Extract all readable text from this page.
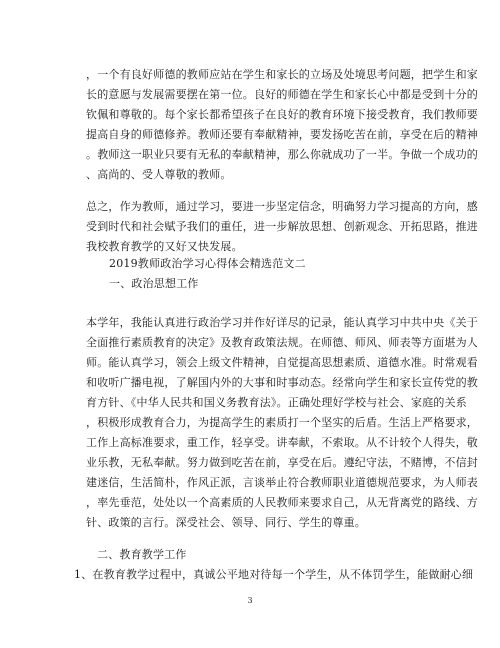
，一个有良好师德的教师应站在学生和家长的立场及处境思考问题，把学生和家
长的意愿与发展需要摆在第一位。良好的师德在学生和家长心中都是受到十分的
钦佩和尊敬的。每个家长都希望孩子在良好的教育环境下接受教育，我们教师要
提高自身的师德修养。教师还要有奉献精神，要发扬吃苦在前，享受在后的精神
。教师这一职业只要有无私的奉献精神，那么你就成功了一半。争做一个成功的
、高尚的、受人尊敬的教师。
总之，作为教师，通过学习，要进一步坚定信念，明确努力学习提高的方向，感
受到时代和社会赋予我们的重任，进一步解放思想、创新观念、开拓思路，推进
我校教育教学的又好又快发展。
2019教师政治学习心得体会精选范文二
一、政治思想工作
本学年，我能认真进行政治学习并作好详尽的记录，能认真学习中共中央《关于
全面推行素质教育的决定》及教育政策法规。在师德、师风、师表等方面堪为人
师。能认真学习，领会上级文件精神，自觉提高思想素质、道德水准。时常观看
和收听广播电视，了解国内外的大事和时事动态。经常向学生和家长宣传党的教
育方针、《中华人民共和国义务教育法》。正确处理好学校与社会、家庭的关系
，积极形成教育合力，为提高学生的素质打一个坚实的后盾。生活上严格要求，
工作上高标准要求，重工作，轻享受。讲奉献，不索取。从不计较个人得失，敬
业乐教，无私奉献。努力做到吃苦在前，享受在后。遵纪守法，不赌博，不信封
建迷信，生活简朴，作风正派，言谈举止符合教师职业道德规范要求，为人师表
，率先垂范，处处以一个高素质的人民教师来要求自己，从无背离党的路线、方
针、政策的言行。深受社会、领导、同行、学生的尊重。
二、教育教学工作
1、在教育教学过程中，真诚公平地对待每一个学生，从不体罚学生，能做耐心细
3
